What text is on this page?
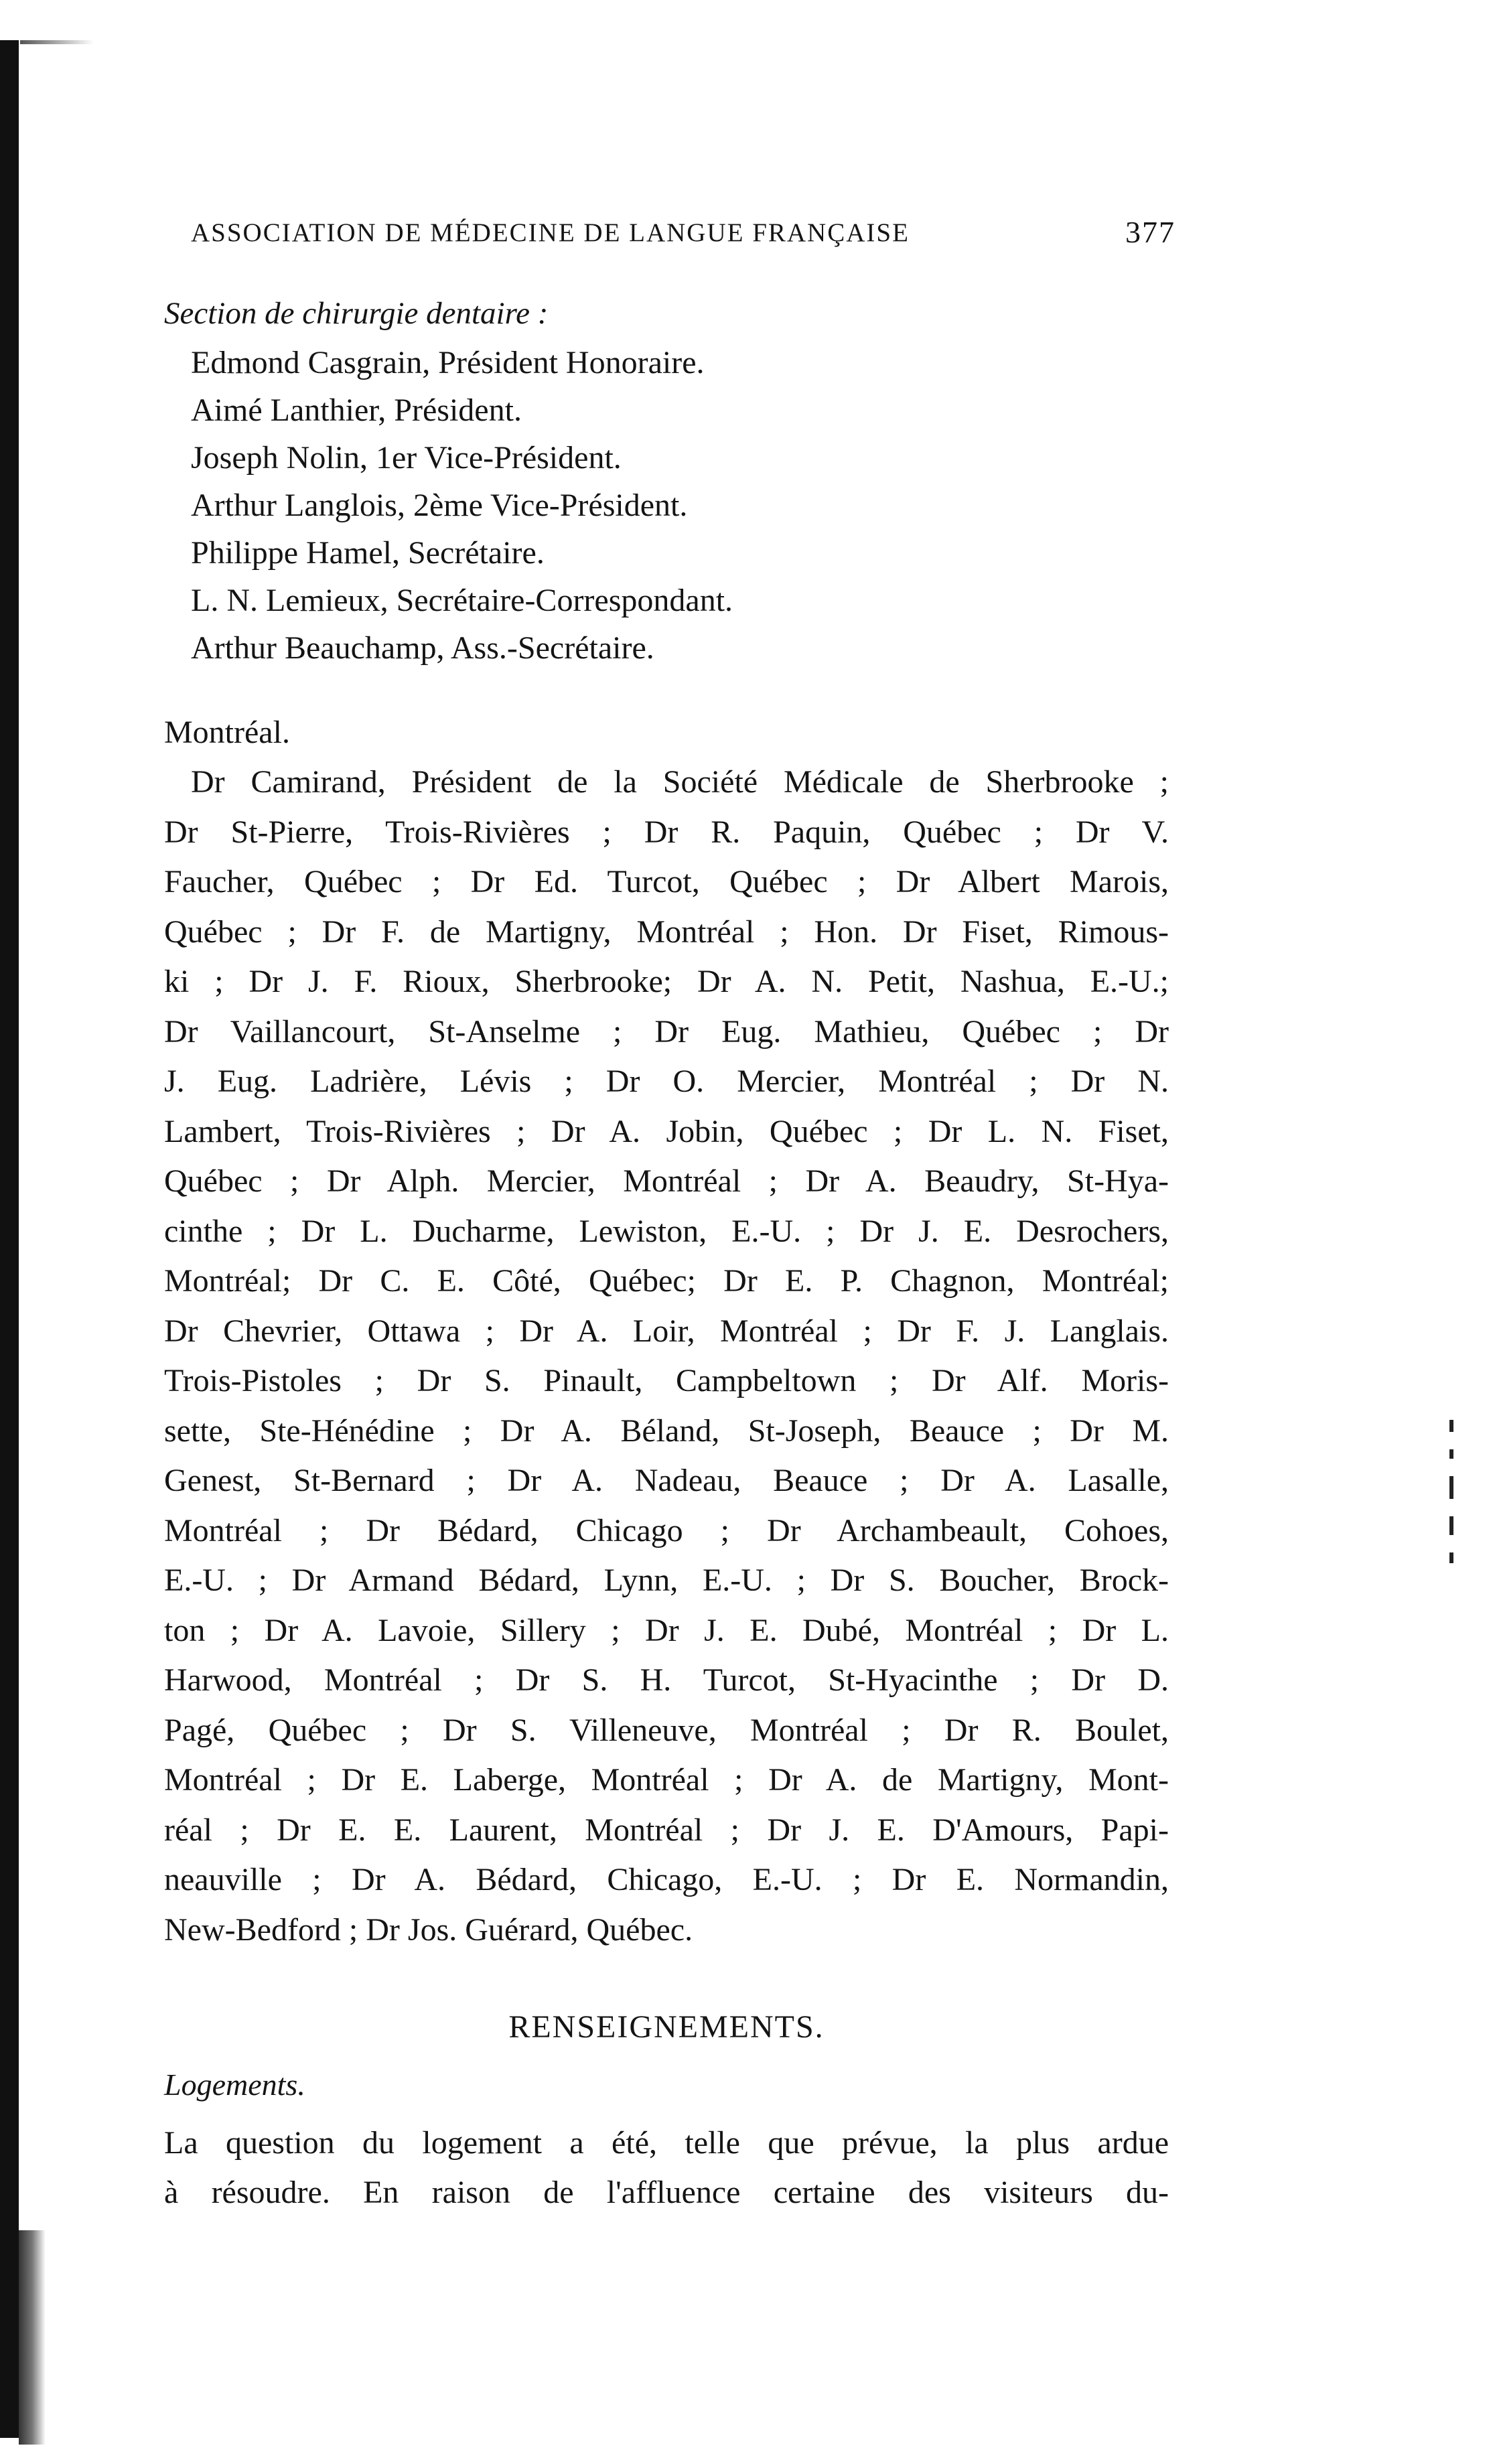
ASSOCIATION DE MÉDECINE DE LANGUE FRANÇAISE	377
Section de chirurgie dentaire :
Edmond Casgrain, Président Honoraire.
Aimé Lanthier, Président.
Joseph Nolin, 1er Vice-Président.
Arthur Langlois, 2ème Vice-Président.
Philippe Hamel, Secrétaire.
L. N. Lemieux, Secrétaire-Correspondant.
Arthur Beauchamp, Ass.-Secrétaire.
Montréal.
Dr Camirand, Président de la Société Médicale de Sherbrooke ;
Dr St-Pierre, Trois-Rivières ; Dr R. Paquin, Québec ; Dr V.
Faucher, Québec ; Dr Ed. Turcot, Québec ; Dr Albert Marois,
Québec ; Dr F. de Martigny, Montréal ; Hon. Dr Fiset, Rimous-
ki ; Dr J. F. Rioux, Sherbrooke; Dr A. N. Petit, Nashua, E.-U.;
Dr Vaillancourt, St-Anselme ; Dr Eug. Mathieu, Québec ; Dr
J. Eug. Ladrière, Lévis ; Dr O. Mercier, Montréal ; Dr N.
Lambert, Trois-Rivières ; Dr A. Jobin, Québec ; Dr L. N. Fiset,
Québec ; Dr Alph. Mercier, Montréal ; Dr A. Beaudry, St-Hya-
cinthe ; Dr L. Ducharme, Lewiston, E.-U. ; Dr J. E. Desrochers,
Montréal; Dr C. E. Côté, Québec; Dr E. P. Chagnon, Montréal;
Dr Chevrier, Ottawa ; Dr A. Loir, Montréal ; Dr F. J. Langlais.
Trois-Pistoles ; Dr S. Pinault, Campbeltown ; Dr Alf. Moris-
sette, Ste-Hénédine ; Dr A. Béland, St-Joseph, Beauce ; Dr M.
Genest, St-Bernard ; Dr A. Nadeau, Beauce ; Dr A. Lasalle,
Montréal ; Dr Bédard, Chicago ; Dr Archambeault, Cohoes,
E.-U. ; Dr Armand Bédard, Lynn, E.-U. ; Dr S. Boucher, Brock-
ton ; Dr A. Lavoie, Sillery ; Dr J. E. Dubé, Montréal ; Dr L.
Harwood, Montréal ; Dr S. H. Turcot, St-Hyacinthe ; Dr D.
Pagé, Québec ; Dr S. Villeneuve, Montréal ; Dr R. Boulet,
Montréal ; Dr E. Laberge, Montréal ; Dr A. de Martigny, Mont-
réal ; Dr E. E. Laurent, Montréal ; Dr J. E. D'Amours, Papi-
neauville ; Dr A. Bédard, Chicago, E.-U. ; Dr E. Normandin,
New-Bedford ; Dr Jos. Guérard, Québec.
RENSEIGNEMENTS.
Logements.
La question du logement a été, telle que prévue, la plus ardue
à résoudre. En raison de l'affluence certaine des visiteurs du-
